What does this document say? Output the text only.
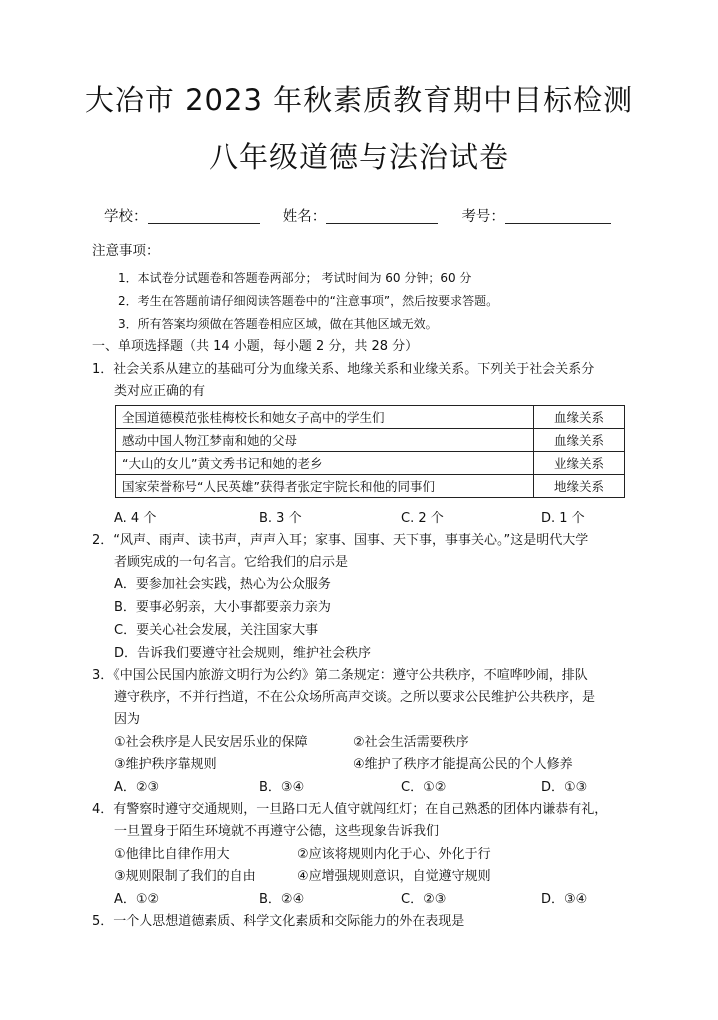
大冶市 2023 年秋素质教育期中目标检测
八年级道德与法治试卷
学校：	姓名：	考号：
注意事项：
1．本试卷分试题卷和答题卷两部分； 考试时间为 60 分钟；60 分
2．考生在答题前请仔细阅读答题卷中的“注意事项”，然后按要求答题。
3．所有答案均须做在答题卷相应区域，做在其他区域无效。
一、单项选择题（共 14 小题，每小题 2 分，共 28 分）
1．社会关系从建立的基础可分为血缘关系、地缘关系和业缘关系。下列关于社会关系分
类对应正确的有
全国道德模范张桂梅校长和她女子高中的学生们	血缘关系
感动中国人物江梦南和她的父母	血缘关系
“大山的女儿”黄文秀书记和她的老乡	业缘关系
国家荣誉称号“人民英雄”获得者张定宇院长和他的同事们	地缘关系
A. 4 个	B. 3 个	C. 2 个	D. 1 个
2．“风声、雨声、读书声，声声入耳；家事、国事、天下事，事事关心。”这是明代大学
者顾宪成的一句名言。它给我们的启示是
A．要参加社会实践，热心为公众服务
B．要事必躬亲，大小事都要亲力亲为
C．要关心社会发展，关注国家大事
D．告诉我们要遵守社会规则，维护社会秩序
3．《中国公民国内旅游文明行为公约》第二条规定：遵守公共秩序，不喧哗吵闹，排队
遵守秩序，不并行挡道，不在公众场所高声交谈。之所以要求公民维护公共秩序，是
因为
①社会秩序是人民安居乐业的保障	②社会生活需要秩序
③维护秩序靠规则	④维护了秩序才能提高公民的个人修养
A．②③	B．③④	C．①②	D．①③
4．有警察时遵守交通规则，一旦路口无人值守就闯红灯；在自己熟悉的团体内谦恭有礼，
一旦置身于陌生环境就不再遵守公德，这些现象告诉我们
①他律比自律作用大	②应该将规则内化于心、外化于行
③规则限制了我们的自由	④应增强规则意识，自觉遵守规则
A．①②	B．②④	C．②③	D．③④
5．一个人思想道德素质、科学文化素质和交际能力的外在表现是
